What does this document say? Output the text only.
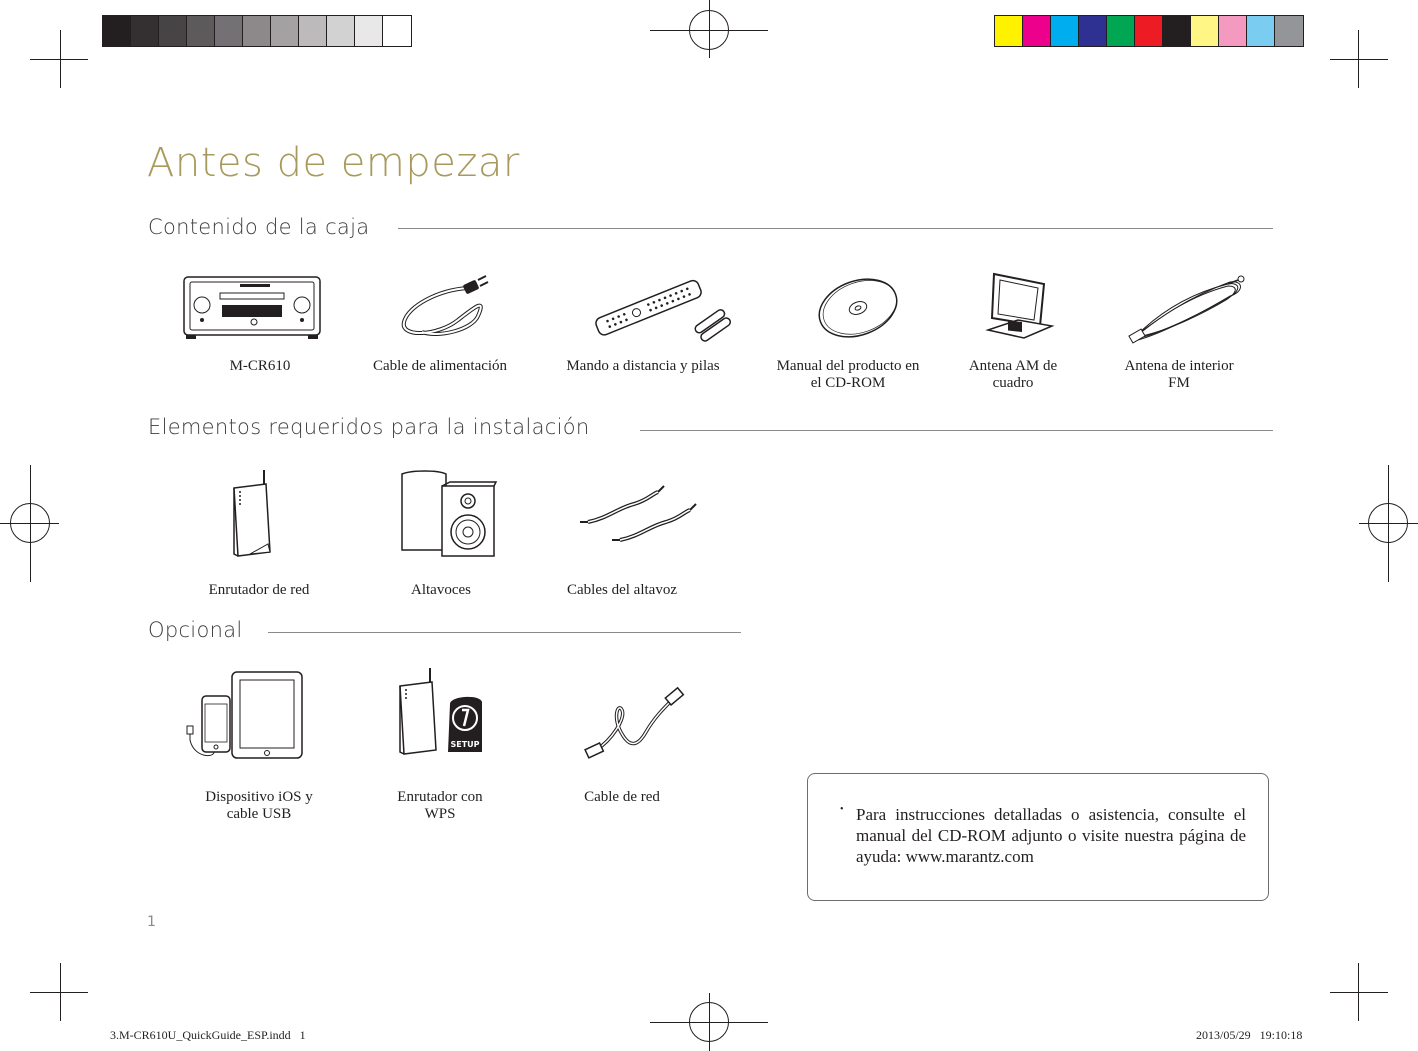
Antes de empezar
Contenido de la caja
M-CR610	Cable de alimentación	Mando a distancia y pilas	Manual del producto en el CD-ROM
Antena AM de cuadro
Antena de interior FM
Elementos requeridos para la instalación
Enrutador de red	Altavoces	Cables del altavoz
Opcional
Dispositivo iOS y cable USB
SETUP
Enrutador con WPS
Cable de red
• Para instrucciones detalladas o asistencia, consulte el manual del CD-ROM adjunto o visite nuestra página de ayuda: www.marantz.com
1
3.M-CR610U_QuickGuide_ESP.indd   1	2013/05/29   19:10:18
